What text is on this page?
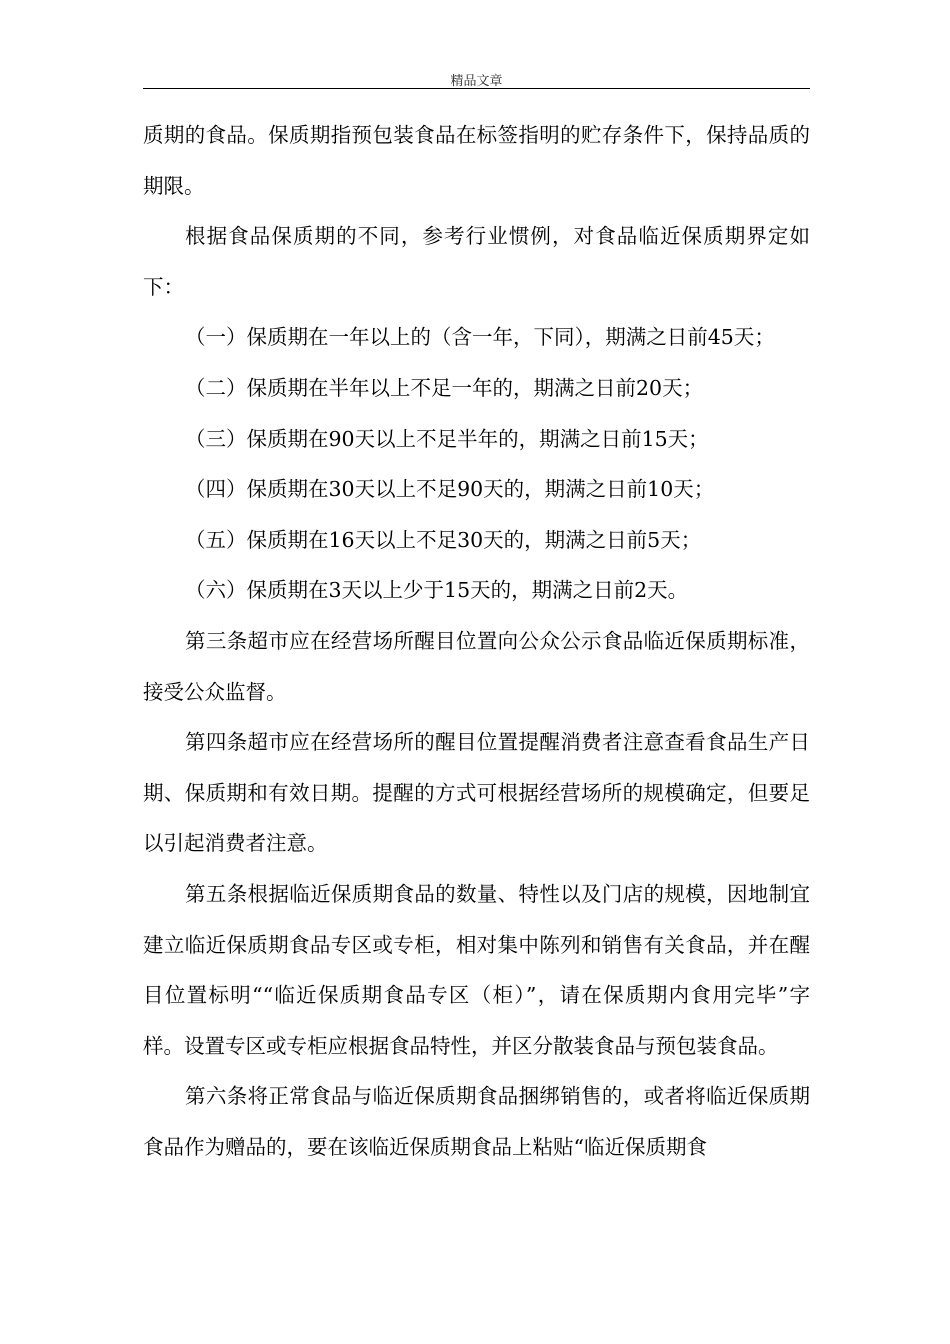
精品文章

质期的食品。保质期指预包装食品在标签指明的贮存条件下，保持品质的期限。

根据食品保质期的不同，参考行业惯例，对食品临近保质期界定如下：

（一）保质期在一年以上的（含一年，下同），期满之日前45天；

（二）保质期在半年以上不足一年的，期满之日前20天；

（三）保质期在90天以上不足半年的，期满之日前15天；

（四）保质期在30天以上不足90天的，期满之日前10天；

（五）保质期在16天以上不足30天的，期满之日前5天；

（六）保质期在3天以上少于15天的，期满之日前2天。

第三条超市应在经营场所醒目位置向公众公示食品临近保质期标准，接受公众监督。

第四条超市应在经营场所的醒目位置提醒消费者注意查看食品生产日期、保质期和有效日期。提醒的方式可根据经营场所的规模确定，但要足以引起消费者注意。

第五条根据临近保质期食品的数量、特性以及门店的规模，因地制宜建立临近保质期食品专区或专柜，相对集中陈列和销售有关食品，并在醒目位置标明““临近保质期食品专区（柜）”，请在保质期内食用完毕”字样。设置专区或专柜应根据食品特性，并区分散装食品与预包装食品。

第六条将正常食品与临近保质期食品捆绑销售的，或者将临近保质期食品作为赠品的，要在该临近保质期食品上粘贴“临近保质期食
